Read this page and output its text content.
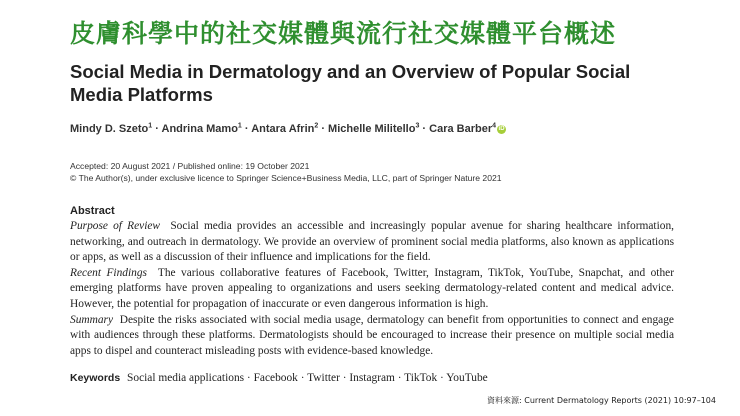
皮膚科學中的社交媒體與流行社交媒體平台概述
Social Media in Dermatology and an Overview of Popular Social Media Platforms
Mindy D. Szeto$^1$ · Andrina Mamo$^1$ · Antara Afrin$^2$ · Michelle Militello$^3$ · Cara Barber$^4$ iD
Accepted: 20 August 2021 / Published online: 19 October 2021
© The Author(s), under exclusive licence to Springer Science+Business Media, LLC, part of Springer Nature 2021
Abstract

Purpose of Review Social media provides an accessible and increasingly popular avenue for sharing healthcare information, networking, and outreach in dermatology. We provide an overview of prominent social media platforms, also known as applications or apps, as well as a discussion of their influence and implications for the field.

Recent Findings The various collaborative features of Facebook, Twitter, Instagram, TikTok, YouTube, Snapchat, and other emerging platforms have proven appealing to organizations and users seeking dermatology-related content and medical advice. However, the potential for propagation of inaccurate or even dangerous information is high.

Summary Despite the risks associated with social media usage, dermatology can benefit from opportunities to connect and engage with audiences through these platforms. Dermatologists should be encouraged to increase their presence on multiple social media apps to dispel and counteract misleading posts with evidence-based knowledge.

Keywords Social media applications · Facebook · Twitter · Instagram · TikTok · YouTube
資料來源: Current Dermatology Reports (2021) 10:97–104
